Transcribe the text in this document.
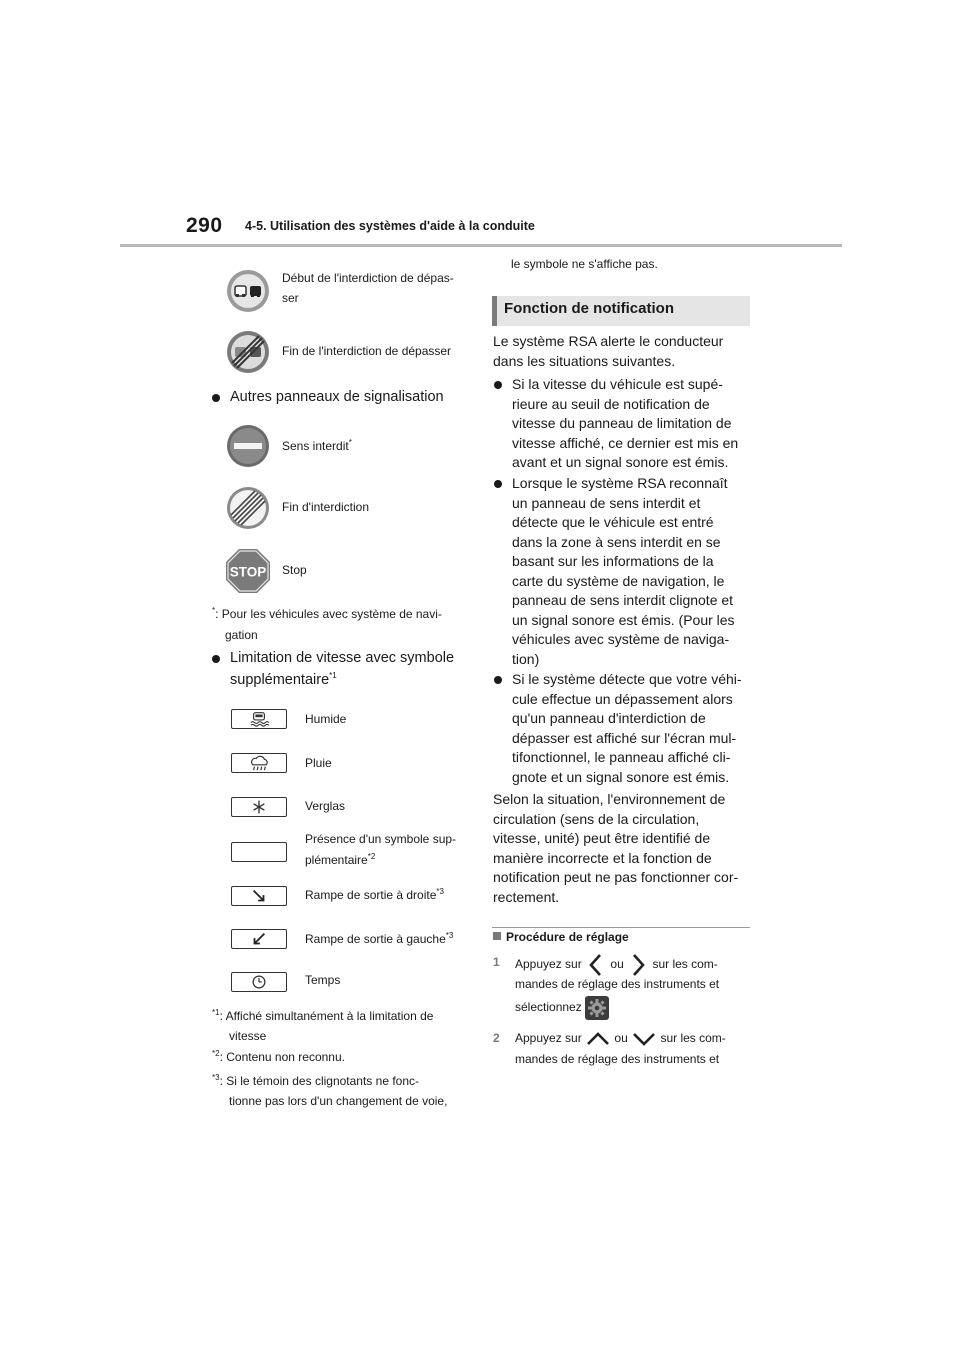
290 4-5. Utilisation des systèmes d'aide à la conduite
Début de l'interdiction de dépas-
ser
Fin de l'interdiction de dépasser
Autres panneaux de signalisation
Sens interdit*
Fin d'interdiction
STOP Stop
*: Pour les véhicules avec système de navi-
gation
Limitation de vitesse avec symbole
supplémentaire$^{*1}$
Humide
Pluie
Verglas
Présence d'un symbole sup-
plémentaire$^{*2}$
Rampe de sortie à droite$^{*3}$
Rampe de sortie à gauche$^{*3}$
Temps
$^{*1}$: Affiché simultanément à la limitation de
vitesse
$^{*2}$: Contenu non reconnu.
$^{*3}$: Si le témoin des clignotants ne fonc-
tionne pas lors d'un changement de voie,
le symbole ne s'affiche pas.
Fonction de notification
Le système RSA alerte le conducteur
dans les situations suivantes.
Si la vitesse du véhicule est supé-
rieure au seuil de notification de
vitesse du panneau de limitation de
vitesse affiché, ce dernier est mis en
avant et un signal sonore est émis.
Lorsque le système RSA reconnaît
un panneau de sens interdit et
détecte que le véhicule est entré
dans la zone à sens interdit en se
basant sur les informations de la
carte du système de navigation, le
panneau de sens interdit clignote et
un signal sonore est émis. (Pour les
véhicules avec système de naviga-
tion)
Si le système détecte que votre véhi-
cule effectue un dépassement alors
qu'un panneau d'interdiction de
dépasser est affiché sur l'écran mul-
tifonctionnel, le panneau affiché cli-
gnote et un signal sonore est émis.
Selon la situation, l'environnement de
circulation (sens de la circulation,
vitesse, unité) peut être identifié de
manière incorrecte et la fonction de
notification peut ne pas fonctionner cor-
rectement.
Procédure de réglage
1 Appuyez sur ou sur les com-
mandes de réglage des instruments et
sélectionnez
2 Appuyez sur	ou	sur les com-
mandes de réglage des instruments et
